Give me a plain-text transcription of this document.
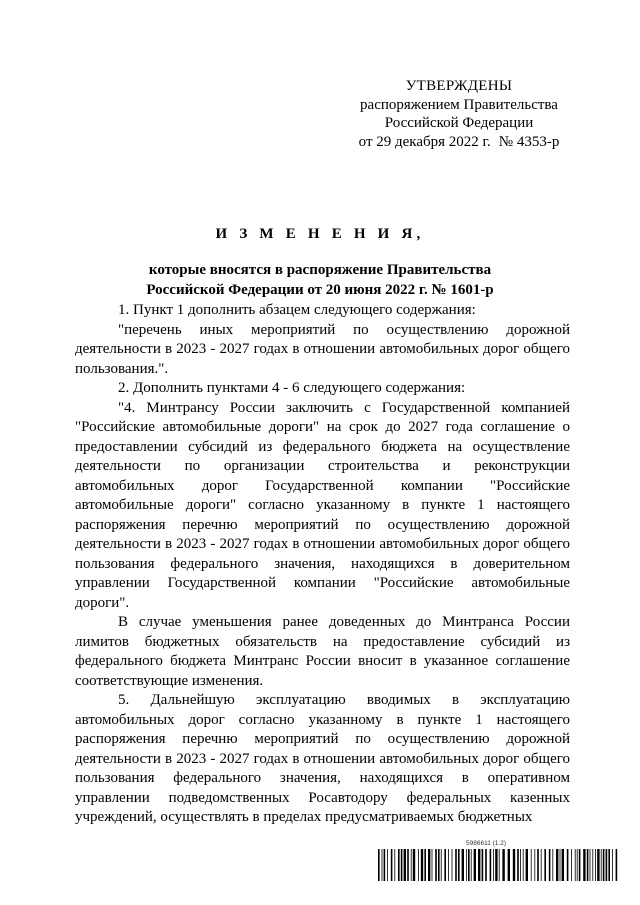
УТВЕРЖДЕНЫ
распоряжением Правительства
Российской Федерации
от 29 декабря 2022 г. № 4353-р
И З М Е Н Е Н И Я,
которые вносятся в распоряжение Правительства
Российской Федерации от 20 июня 2022 г. № 1601-р

1. Пункт 1 дополнить абзацем следующего содержания:

"перечень иных мероприятий по осуществлению дорожной деятельности в 2023 - 2027 годах в отношении автомобильных дорог общего пользования.".

2. Дополнить пунктами 4 - 6 следующего содержания:

"4. Минтрансу России заключить с Государственной компанией "Российские автомобильные дороги" на срок до 2027 года соглашение о предоставлении субсидий из федерального бюджета на осуществление деятельности по организации строительства и реконструкции автомобильных дорог Государственной компании "Российские автомобильные дороги" согласно указанному в пункте 1 настоящего распоряжения перечню мероприятий по осуществлению дорожной деятельности в 2023 - 2027 годах в отношении автомобильных дорог общего пользования федерального значения, находящихся в доверительном управлении Государственной компании "Российские автомобильные дороги".

В случае уменьшения ранее доведенных до Минтранса России лимитов бюджетных обязательств на предоставление субсидий из федерального бюджета Минтранс России вносит в указанное соглашение соответствующие изменения.

5. Дальнейшую эксплуатацию вводимых в эксплуатацию автомобильных дорог согласно указанному в пункте 1 настоящего распоряжения перечню мероприятий по осуществлению дорожной деятельности в 2023 - 2027 годах в отношении автомобильных дорог общего пользования федерального значения, находящихся в оперативном управлении подведомственных Росавтодору федеральных казенных учреждений, осуществлять в пределах предусматриваемых бюджетных

5986611 (1.2)
